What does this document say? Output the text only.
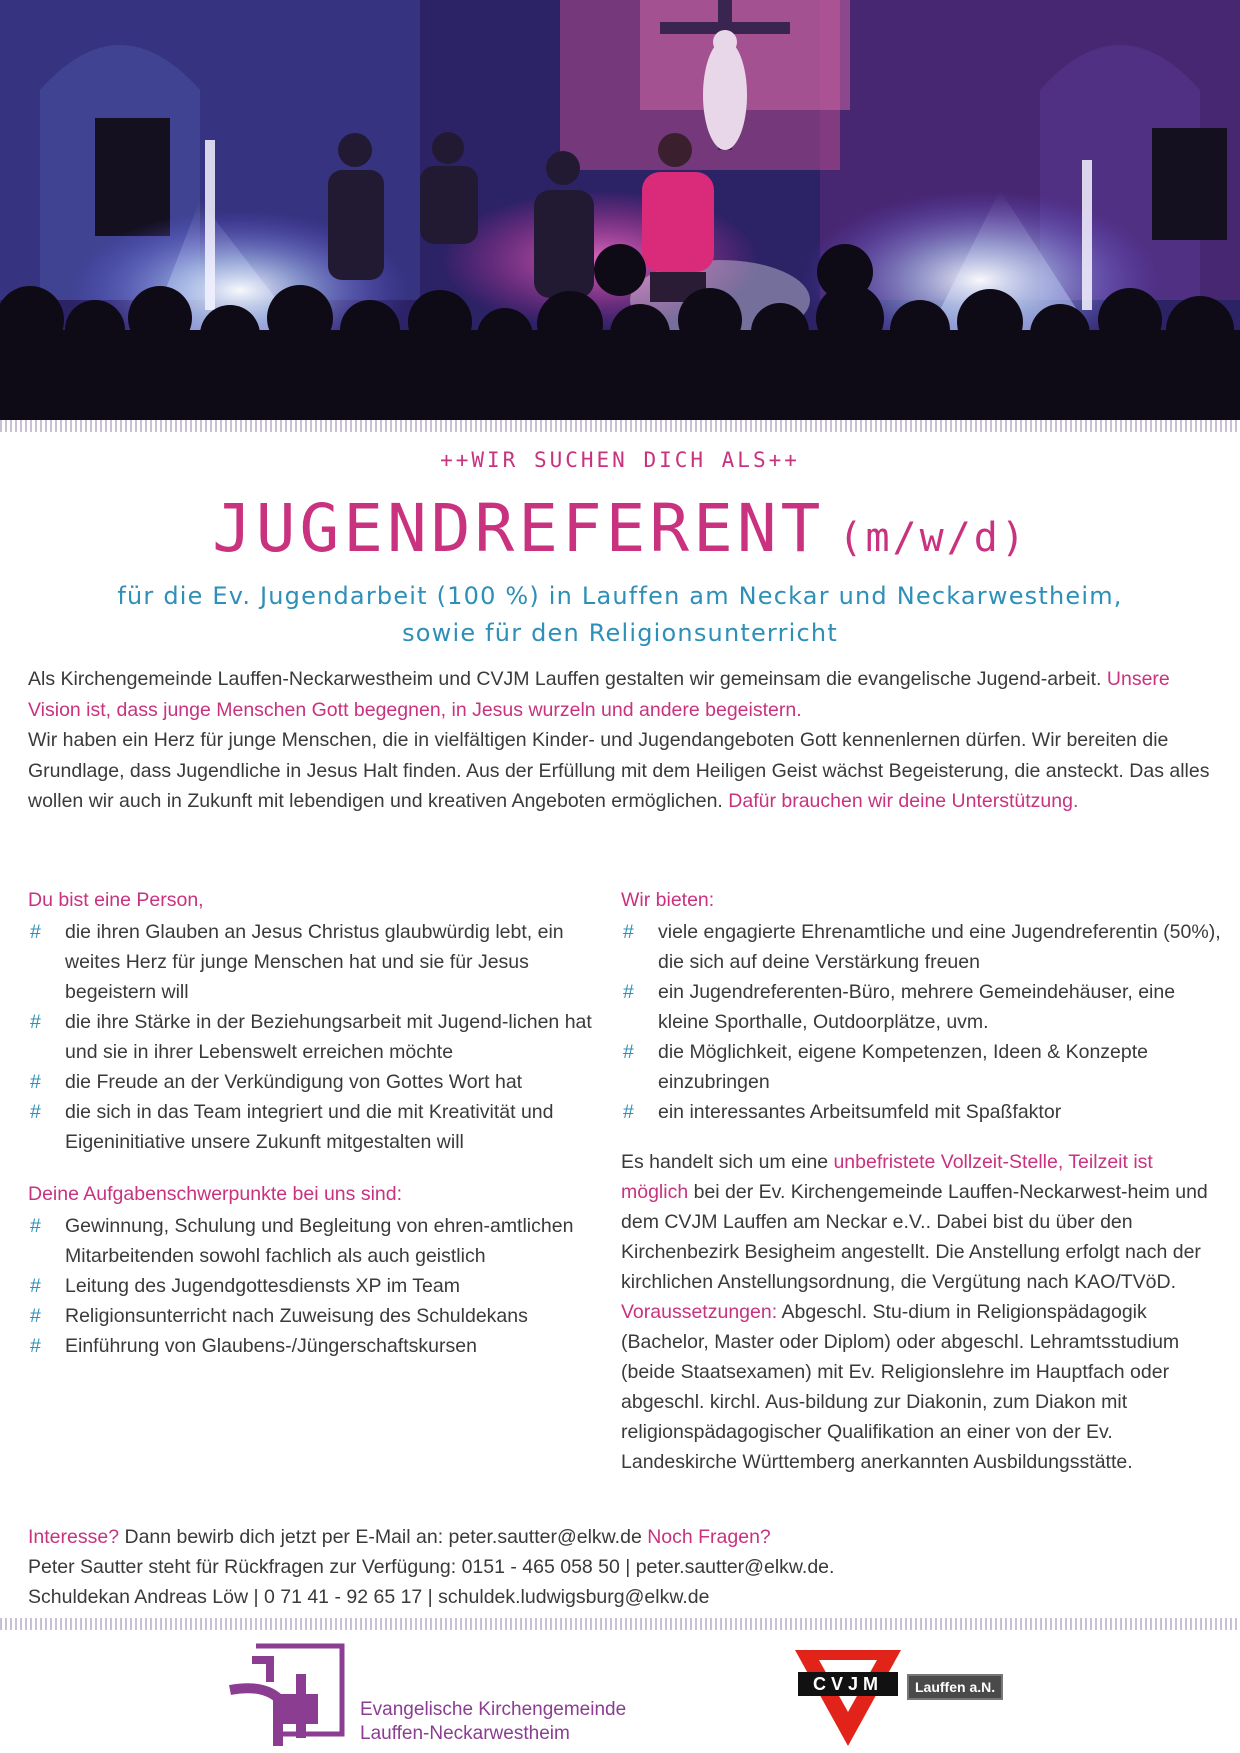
++WIR SUCHEN DICH ALS++
JUGENDREFERENT (m/w/d)
für die Ev. Jugendarbeit (100 %) in Lauffen am Neckar und Neckarwestheim,
sowie für den Religionsunterricht

Als Kirchengemeinde Lauffen-Neckarwestheim und CVJM Lauffen gestalten wir gemeinsam die evangelische Jugend-arbeit. Unsere Vision ist, dass junge Menschen Gott begegnen, in Jesus wurzeln und andere begeistern.

Wir haben ein Herz für junge Menschen, die in vielfältigen Kinder- und Jugendangeboten Gott kennenlernen dürfen. Wir bereiten die Grundlage, dass Jugendliche in Jesus Halt finden. Aus der Erfüllung mit dem Heiligen Geist wächst Begeisterung, die ansteckt. Das alles wollen wir auch in Zukunft mit lebendigen und kreativen Angeboten ermöglichen. Dafür brauchen wir deine Unterstützung.

Du bist eine Person,
# die ihren Glauben an Jesus Christus glaubwürdig lebt, ein weites Herz für junge Menschen hat und sie für Jesus begeistern will
# die ihre Stärke in der Beziehungsarbeit mit Jugend-lichen hat und sie in ihrer Lebenswelt erreichen möchte
# die Freude an der Verkündigung von Gottes Wort hat
# die sich in das Team integriert und die mit Kreativität und Eigeninitiative unsere Zukunft mitgestalten will
Deine Aufgabenschwerpunkte bei uns sind:
# Gewinnung, Schulung und Begleitung von ehren-amtlichen Mitarbeitenden sowohl fachlich als auch geistlich
# Leitung des Jugendgottesdiensts XP im Team
# Religionsunterricht nach Zuweisung des Schuldekans
# Einführung von Glaubens-/Jüngerschaftskursen
Wir bieten:
# viele engagierte Ehrenamtliche und eine Jugendreferentin (50%), die sich auf deine Verstärkung freuen
# ein Jugendreferenten-Büro, mehrere Gemeindehäuser, eine kleine Sporthalle, Outdoorplätze, uvm.
# die Möglichkeit, eigene Kompetenzen, Ideen & Konzepte einzubringen
# ein interessantes Arbeitsumfeld mit Spaßfaktor

Es handelt sich um eine unbefristete Vollzeit-Stelle, Teilzeit ist möglich bei der Ev. Kirchengemeinde Lauffen-Neckarwest-heim und dem CVJM Lauffen am Neckar e.V.. Dabei bist du über den Kirchenbezirk Besigheim angestellt. Die Anstellung erfolgt nach der kirchlichen Anstellungsordnung, die Vergütung nach KAO/TVöD. Voraussetzungen: Abgeschl. Stu-dium in Religionspädagogik (Bachelor, Master oder Diplom) oder abgeschl. Lehramtsstudium (beide Staatsexamen) mit Ev. Religionslehre im Hauptfach oder abgeschl. kirchl. Aus-bildung zur Diakonin, zum Diakon mit religionspädagogischer Qualifikation an einer von der Ev. Landeskirche Württemberg anerkannten Ausbildungsstätte.

Interesse? Dann bewirb dich jetzt per E-Mail an: peter.sautter@elkw.de Noch Fragen?
Peter Sautter steht für Rückfragen zur Verfügung: 0151 - 465 058 50 | peter.sautter@elkw.de.
Schuldekan Andreas Löw | 0 71 41 - 92 65 17 | schuldek.ludwigsburg@elkw.de
Evangelische Kirchengemeinde
Lauffen-Neckarwestheim
CVJM	Lauffen a.N.
